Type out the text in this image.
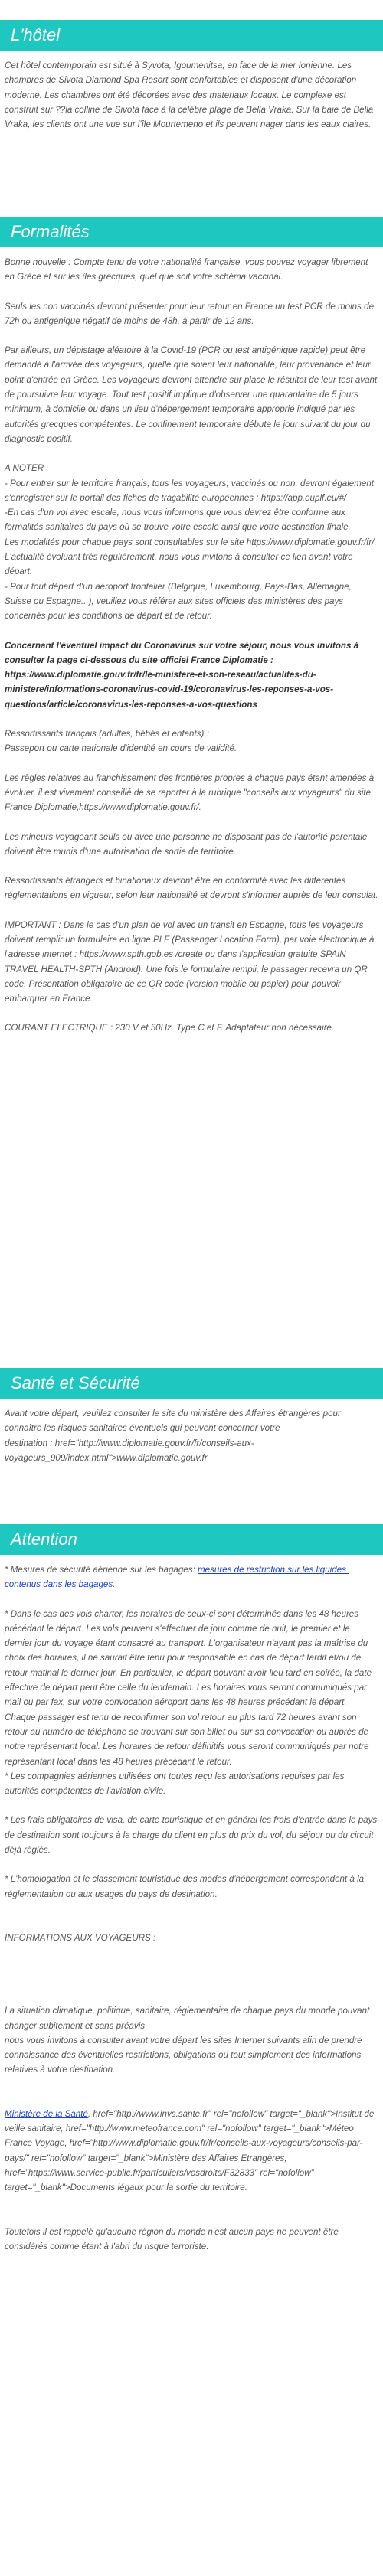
L'hôtel

Cet hôtel contemporain est situé à Syvota, Igoumenitsa, en face de la mer Ionienne. Les chambres de Sivota Diamond Spa Resort sont confortables et disposent d'une décoration moderne. Les chambres ont été décorées avec des materiaux locaux. Le complexe est construit sur ??la colline de Sivota face à la célèbre plage de Bella Vraka. Sur la baie de Bella Vraka, les clients ont une vue sur l'île Mourtemeno et ils peuvent nager dans les eaux claires.

Formalités

Bonne nouvelle : Compte tenu de votre nationalité française, vous pouvez voyager librement en Grèce et sur les îles grecques, quel que soit votre schéma vaccinal.

Seuls les non vaccinés devront présenter pour leur retour en France un test PCR de moins de 72h ou antigénique négatif de moins de 48h, à partir de 12 ans.

Par ailleurs, un dépistage aléatoire à la Covid-19 (PCR ou test antigénique rapide) peut être demandé à l'arrivée des voyageurs, quelle que soient leur nationalité, leur provenance et leur point d'entrée en Grèce. Les voyageurs devront attendre sur place le résultat de leur test avant de poursuivre leur voyage. Tout test positif implique d'observer une quarantaine de 5 jours minimum, à domicile ou dans un lieu d'hébergement temporaire approprié indiqué par les autorités grecques compétentes. Le confinement temporaire débute le jour suivant du jour du diagnostic positif.

A NOTER
- Pour entrer sur le territoire français, tous les voyageurs, vaccinés ou non, devront également s'enregistrer sur le portail des fiches de traçabilité européennes : https://app.euplf.eu/#/
-En cas d'un vol avec escale, nous vous informons que vous devrez être conforme aux formalités sanitaires du pays où se trouve votre escale ainsi que votre destination finale.
Les modalités pour chaque pays sont consultables sur le site https://www.diplomatie.gouv.fr/fr/. L'actualité évoluant très régulièrement, nous vous invitons à consulter ce lien avant votre départ.
- Pour tout départ d'un aéroport frontalier (Belgique, Luxembourg, Pays-Bas, Allemagne, Suisse ou Espagne...), veuillez vous référer aux sites officiels des ministères des pays concernés pour les conditions de départ et de retour.

Concernant l'éventuel impact du Coronavirus sur votre séjour, nous vous invitons à consulter la page ci-dessous du site officiel France Diplomatie : https://www.diplomatie.gouv.fr/fr/le-ministere-et-son-reseau/actualites-du-ministere/informations-coronavirus-covid-19/coronavirus-les-reponses-a-vos-questions/article/coronavirus-les-reponses-a-vos-questions

Ressortissants français (adultes, bébés et enfants) :
Passeport ou carte nationale d'identité en cours de validité.

Les règles relatives au franchissement des frontières propres à chaque pays étant amenées à évoluer, il est vivement conseillé de se reporter à la rubrique "conseils aux voyageurs" du site France Diplomatie,https://www.diplomatie.gouv.fr/.

Les mineurs voyageant seuls ou avec une personne ne disposant pas de l'autorité parentale doivent être munis d'une autorisation de sortie de territoire.

Ressortissants étrangers et binationaux devront être en conformité avec les différentes réglementations en vigueur, selon leur nationalité et devront s'informer auprès de leur consulat.

IMPORTANT : Dans le cas d'un plan de vol avec un transit en Espagne, tous les voyageurs doivent remplir un formulaire en ligne PLF (Passenger Location Form), par voie électronique à l'adresse internet : https://www.spth.gob.es /create ou dans l'application gratuite SPAIN TRAVEL HEALTH-SPTH (Android). Une fois le formulaire rempli, le passager recevra un QR code. Présentation obligatoire de ce QR code (version mobile ou papier) pour pouvoir embarquer en France.

COURANT ELECTRIQUE : 230 V et 50Hz. Type C et F. Adaptateur non nécessaire.

Santé et Sécurité

Avant votre départ, veuillez consulter le site du ministère des Affaires étrangères pour connaître les risques sanitaires éventuels qui peuvent concerner votre
destination : href="http://www.diplomatie.gouv.fr/fr/conseils-aux-voyageurs_909/index.html">www.diplomatie.gouv.fr

Attention

* Mesures de sécurité aérienne sur les bagages: mesures de restriction sur les liquides contenus dans les bagages.

* Dans le cas des vols charter, les horaires de ceux-ci sont déterminés dans les 48 heures précédant le départ. Les vols peuvent s'effectuer de jour comme de nuit, le premier et le dernier jour du voyage étant consacré au transport. L'organisateur n'ayant pas la maîtrise du choix des horaires, il ne saurait être tenu pour responsable en cas de départ tardif et/ou de retour matinal le dernier jour. En particulier, le départ pouvant avoir lieu tard en soirée, la date effective de départ peut être celle du lendemain. Les horaires vous seront communiqués par mail ou par fax, sur votre convocation aéroport dans les 48 heures précédant le départ. Chaque passager est tenu de reconfirmer son vol retour au plus tard 72 heures avant son retour au numéro de téléphone se trouvant sur son billet ou sur sa convocation ou auprès de notre représentant local. Les horaires de retour définitifs vous seront communiqués par notre représentant local dans les 48 heures précédant le retour.
* Les compagnies aériennes utilisées ont toutes reçu les autorisations requises par les autorités compétentes de l'aviation civile.

* Les frais obligatoires de visa, de carte touristique et en général les frais d'entrée dans le pays de destination sont toujours à la charge du client en plus du prix du vol, du séjour ou du circuit déjà réglés.

* L'homologation et le classement touristique des modes d'hébergement correspondent à la réglementation ou aux usages du pays de destination.

INFORMATIONS AUX VOYAGEURS :

La situation climatique, politique, sanitaire, réglementaire de chaque pays du monde pouvant changer subitement et sans préavis
nous vous invitons à consulter avant votre départ les sites Internet suivants afin de prendre connaissance des éventuelles restrictions, obligations ou tout simplement des informations relatives à votre destination.

Ministère de la Santé, href="http://www.invs.sante.fr" rel="nofollow" target="_blank">Institut de veille sanitaire, href="http://www.meteofrance.com" rel="nofollow" target="_blank">Méteo France Voyage, href="http://www.diplomatie.gouv.fr/fr/conseils-aux-voyageurs/conseils-par-pays/" rel="nofollow" target="_blank">Ministère des Affaires Etrangères, href="https://www.service-public.fr/particuliers/vosdroits/F32833" rel="nofollow" target="_blank">Documents légaux pour la sortie du territoire.

Toutefois il est rappelé qu'aucune région du monde n'est aucun pays ne peuvent être considérés comme étant à l'abri du risque terroriste.
